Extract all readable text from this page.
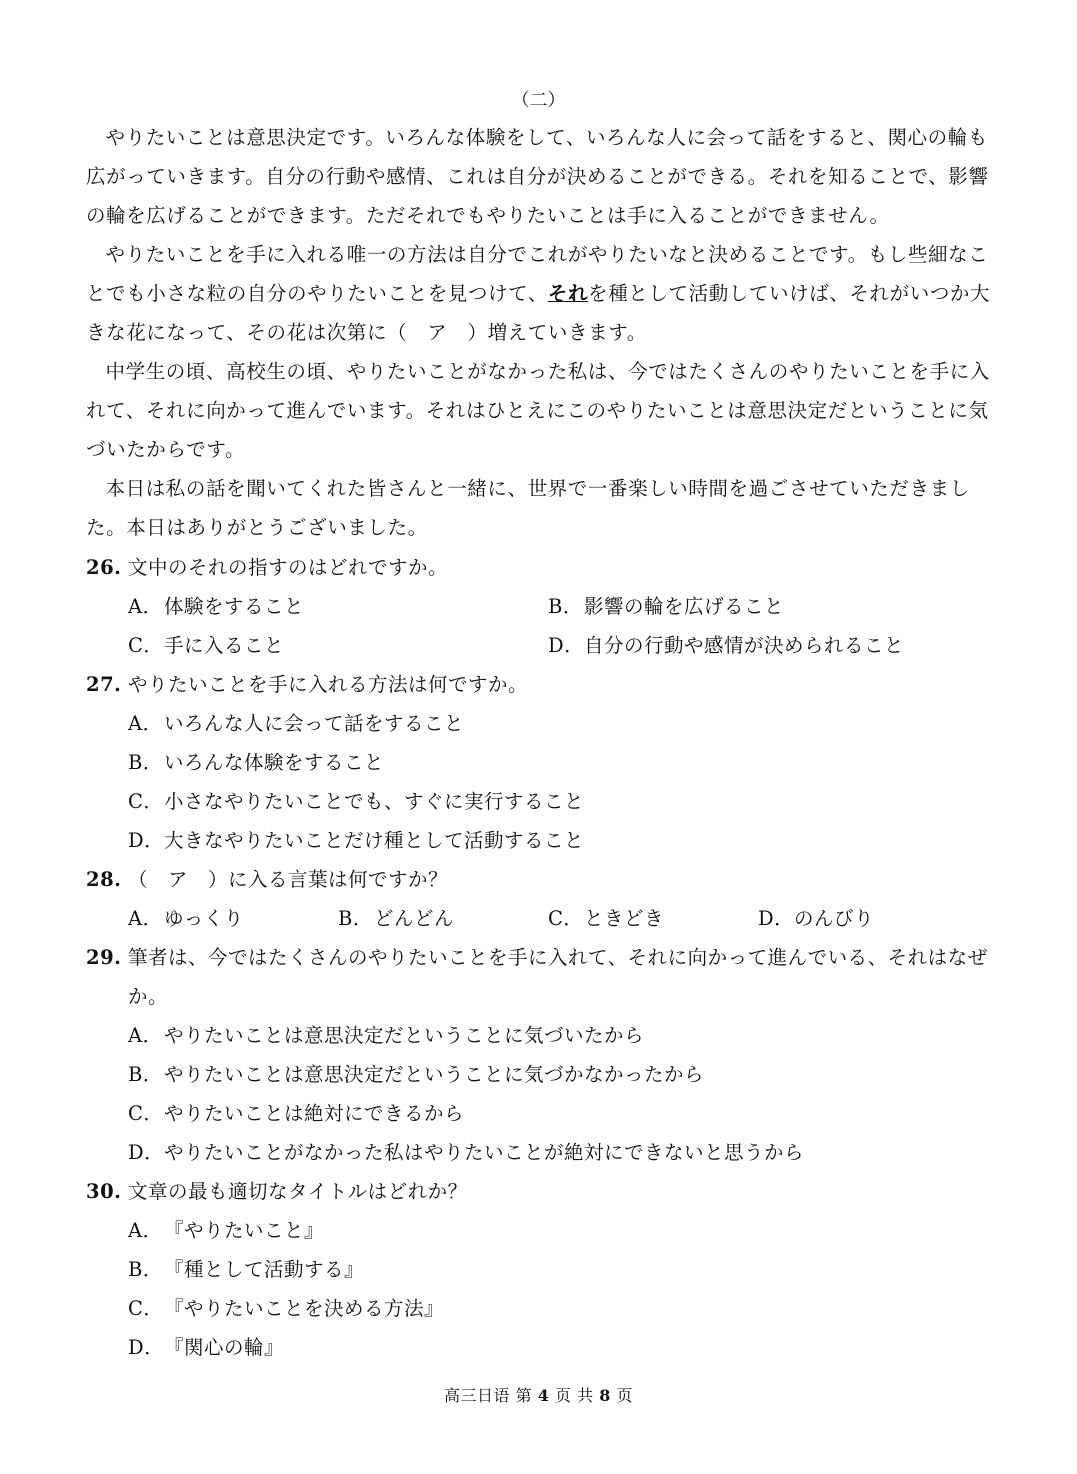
（二）

やりたいことは意思決定です。いろんな体験をして、いろんな人に会って話をすると、関心の輪も広がっていきます。自分の行動や感情、これは自分が決めることができる。それを知ることで、影響の輪を広げることができます。ただそれでもやりたいことは手に入ることができません。

やりたいことを手に入れる唯一の方法は自分でこれがやりたいなと決めることです。もし些細なことでも小さな粒の自分のやりたいことを見つけて、それを種として活動していけば、それがいつか大きな花になって、その花は次第に（　ア　）増えていきます。

中学生の頃、高校生の頃、やりたいことがなかった私は、今ではたくさんのやりたいことを手に入れて、それに向かって進んでいます。それはひとえにこのやりたいことは意思決定だということに気づいたからです。

本日は私の話を聞いてくれた皆さんと一緒に、世界で一番楽しい時間を過ごさせていただきました。本日はありがとうございました。

26. 文中のそれの指すのはどれですか。
A．体験をすること	B．影響の輪を広げること
C．手に入ること	D．自分の行動や感情が決められること
27. やりたいことを手に入れる方法は何ですか。
A．いろんな人に会って話をすること
B．いろんな体験をすること
C．小さなやりたいことでも、すぐに実行すること
D．大きなやりたいことだけ種として活動すること
28. （　ア　）に入る言葉は何ですか？
A．ゆっくり	B．どんどん	C．ときどき	D．のんびり
29. 筆者は、今ではたくさんのやりたいことを手に入れて、それに向かって進んでいる、それはなぜか。
A．やりたいことは意思決定だということに気づいたから
B．やりたいことは意思決定だということに気づかなかったから
C．やりたいことは絶対にできるから
D．やりたいことがなかった私はやりたいことが絶対にできないと思うから
30. 文章の最も適切なタイトルはどれか？
A．『やりたいこと』
B．『種として活動する』
C．『やりたいことを決める方法』
D．『関心の輪』
高三日语 第 4 页 共 8 页
